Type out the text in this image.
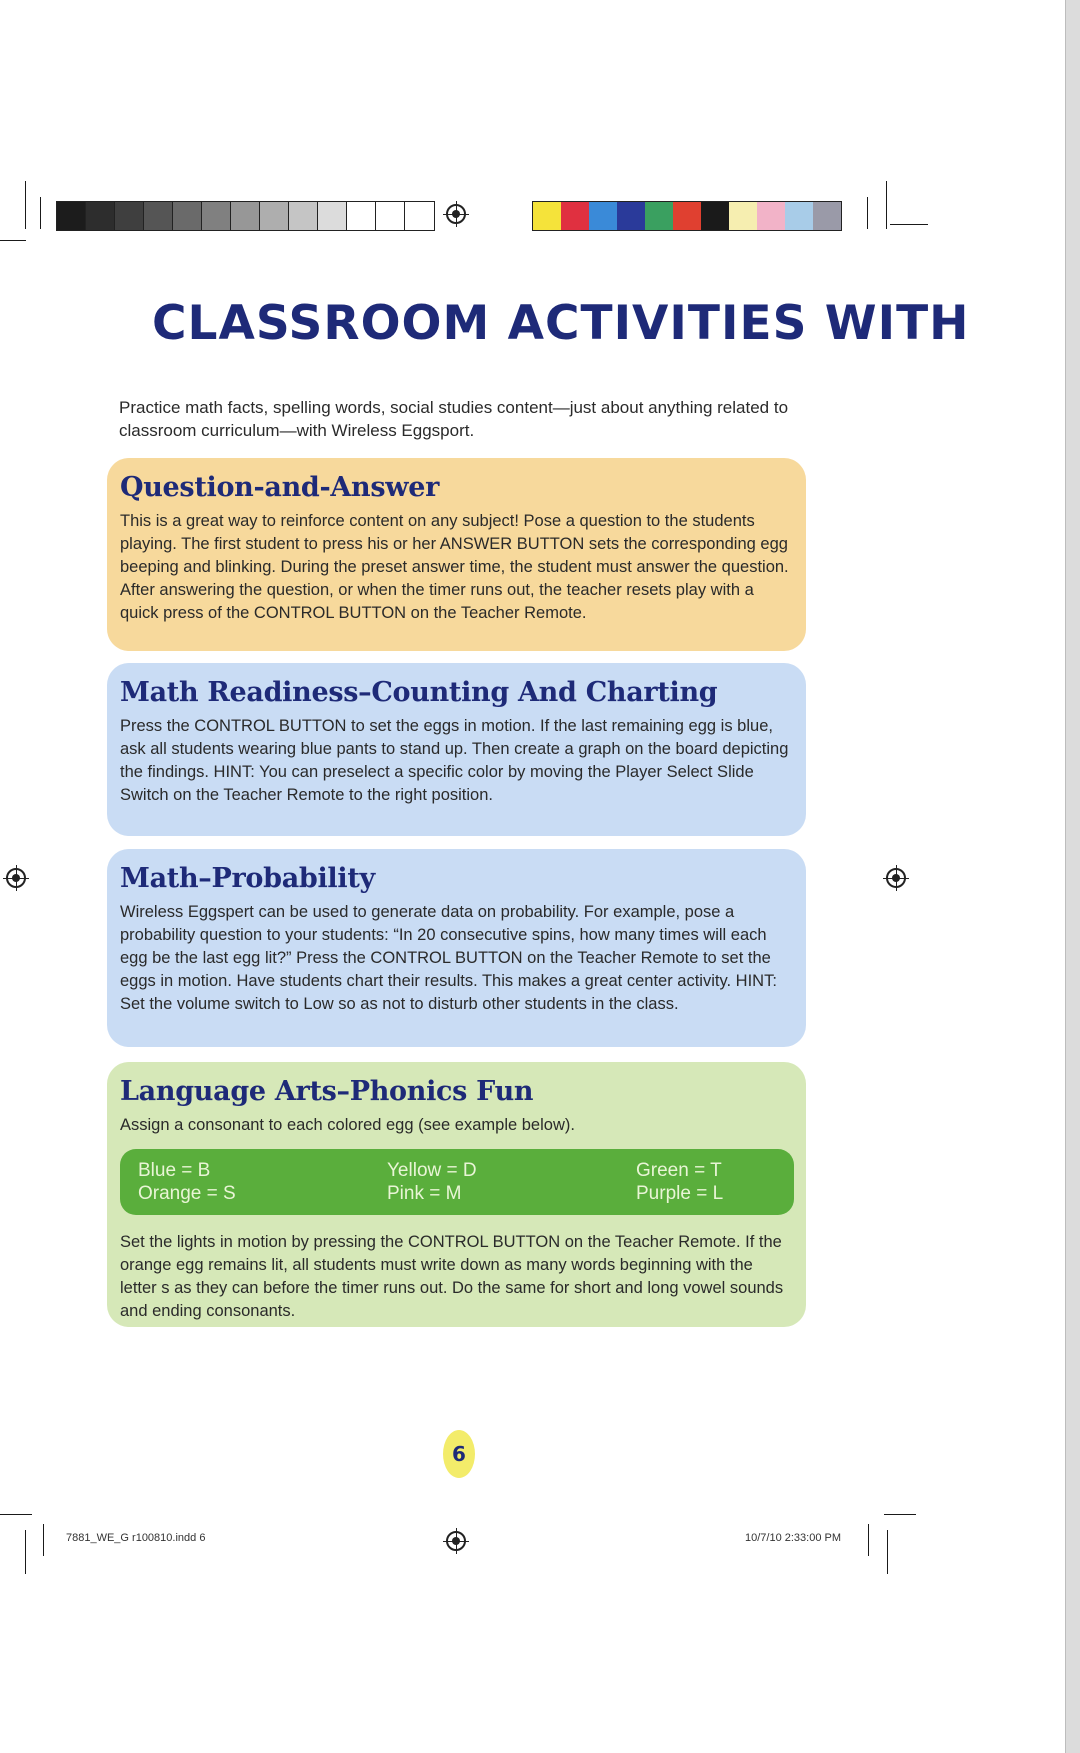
CLASSROOM ACTIVITIES WITH

Practice math facts, spelling words, social studies content—just about anything related to classroom curriculum—with Wireless Eggsport.

Question-and-Answer

This is a great way to reinforce content on any subject! Pose a question to the students playing. The first student to press his or her ANSWER BUTTON sets the corresponding egg beeping and blinking. During the preset answer time, the student must answer the question. After answering the question, or when the timer runs out, the teacher resets play with a quick press of the CONTROL BUTTON on the Teacher Remote.

Math Readiness–Counting And Charting

Press the CONTROL BUTTON to set the eggs in motion. If the last remaining egg is blue, ask all students wearing blue pants to stand up. Then create a graph on the board depicting the findings. HINT: You can preselect a specific color by moving the Player Select Slide Switch on the Teacher Remote to the right position.

Math–Probability

Wireless Eggspert can be used to generate data on probability. For example, pose a probability question to your students: “In 20 consecutive spins, how many times will each egg be the last egg lit?” Press the CONTROL BUTTON on the Teacher Remote to set the eggs in motion. Have students chart their results. This makes a great center activity. HINT: Set the volume switch to Low so as not to disturb other students in the class.

Language Arts–Phonics Fun

Assign a consonant to each colored egg (see example below).

Blue = B	Yellow = D	Green = T
Orange = S	Pink = M	Purple = L

Set the lights in motion by pressing the CONTROL BUTTON on the Teacher Remote. If the orange egg remains lit, all students must write down as many words beginning with the letter s as they can before the timer runs out. Do the same for short and long vowel sounds and ending consonants.

6
7881_WE_G r100810.indd 6	10/7/10 2:33:00 PM
